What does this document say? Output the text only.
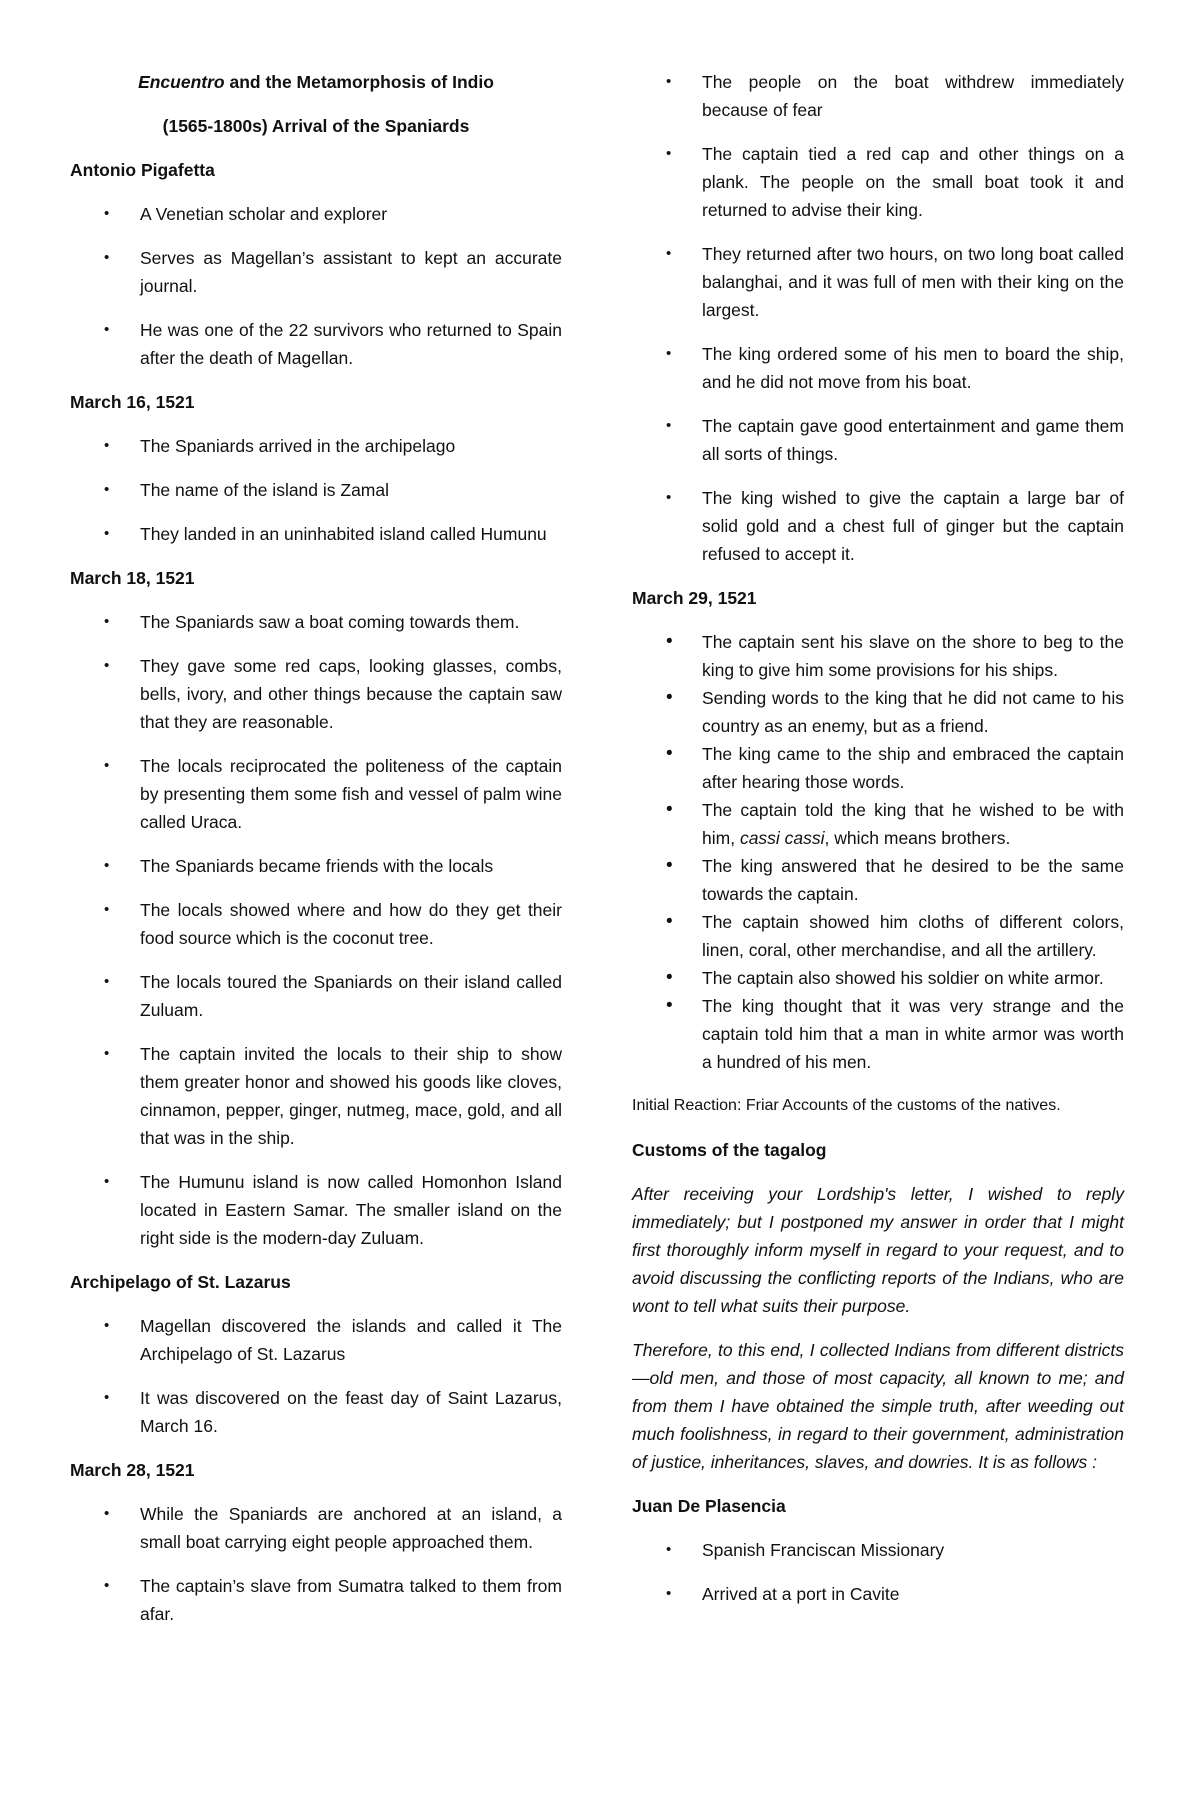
Encuentro and the Metamorphosis of Indio

(1565-1800s) Arrival of the Spaniards

Antonio Pigafetta

• A Venetian scholar and explorer
• Serves as Magellan’s assistant to kept an accurate journal.
• He was one of the 22 survivors who returned to Spain after the death of Magellan.

March 16, 1521

• The Spaniards arrived in the archipelago
• The name of the island is Zamal
• They landed in an uninhabited island called Humunu

March 18, 1521

• The Spaniards saw a boat coming towards them.
• They gave some red caps, looking glasses, combs, bells, ivory, and other things because the captain saw that they are reasonable.
• The locals reciprocated the politeness of the captain by presenting them some fish and vessel of palm wine called Uraca.
• The Spaniards became friends with the locals
• The locals showed where and how do they get their food source which is the coconut tree.
• The locals toured the Spaniards on their island called Zuluam.
• The captain invited the locals to their ship to show them greater honor and showed his goods like cloves, cinnamon, pepper, ginger, nutmeg, mace, gold, and all that was in the ship.
• The Humunu island is now called Homonhon Island located in Eastern Samar. The smaller island on the right side is the modern-day Zuluam.

Archipelago of St. Lazarus

• Magellan discovered the islands and called it The Archipelago of St. Lazarus
• It was discovered on the feast day of Saint Lazarus, March 16.

March 28, 1521

• While the Spaniards are anchored at an island, a small boat carrying eight people approached them.
• The captain’s slave from Sumatra talked to them from afar.
• The people on the boat withdrew immediately because of fear
• The captain tied a red cap and other things on a plank. The people on the small boat took it and returned to advise their king.
• They returned after two hours, on two long boat called balanghai, and it was full of men with their king on the largest.
• The king ordered some of his men to board the ship, and he did not move from his boat.
• The captain gave good entertainment and game them all sorts of things.
• The king wished to give the captain a large bar of solid gold and a chest full of ginger but the captain refused to accept it.

March 29, 1521

• The captain sent his slave on the shore to beg to the king to give him some provisions for his ships.
• Sending words to the king that he did not came to his country as an enemy, but as a friend.
• The king came to the ship and embraced the captain after hearing those words.
• The captain told the king that he wished to be with him, cassi cassi, which means brothers.
• The king answered that he desired to be the same towards the captain.
• The captain showed him cloths of different colors, linen, coral, other merchandise, and all the artillery.
• The captain also showed his soldier on white armor.
• The king thought that it was very strange and the captain told him that a man in white armor was worth a hundred of his men.

Initial Reaction: Friar Accounts of the customs of the natives.

Customs of the tagalog

After receiving your Lordship's letter, I wished to reply immediately; but I postponed my answer in order that I might first thoroughly inform myself in regard to your request, and to avoid discussing the conflicting reports of the Indians, who are wont to tell what suits their purpose.

Therefore, to this end, I collected Indians from different districts—old men, and those of most capacity, all known to me; and from them I have obtained the simple truth, after weeding out much foolishness, in regard to their government, administration of justice, inheritances, slaves, and dowries. It is as follows :

Juan De Plasencia

• Spanish Franciscan Missionary
• Arrived at a port in Cavite
